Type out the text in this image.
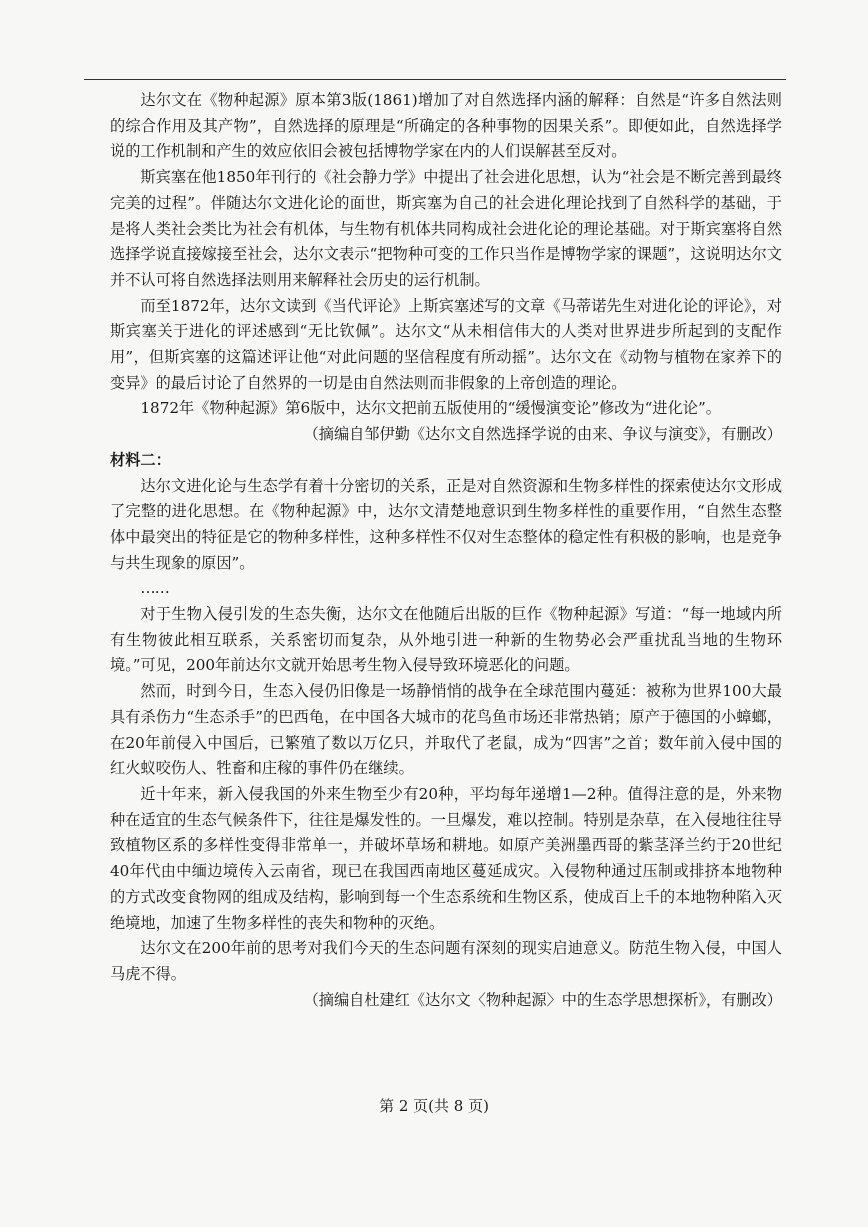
达尔文在《物种起源》原本第3版(1861)增加了对自然选择内涵的解释：自然是“许多自然法则的综合作用及其产物”，自然选择的原理是“所确定的各种事物的因果关系”。即便如此，自然选择学说的工作机制和产生的效应依旧会被包括博物学家在内的人们误解甚至反对。

斯宾塞在他1850年刊行的《社会静力学》中提出了社会进化思想，认为“社会是不断完善到最终完美的过程”。伴随达尔文进化论的面世，斯宾塞为自己的社会进化理论找到了自然科学的基础，于是将人类社会类比为社会有机体，与生物有机体共同构成社会进化论的理论基础。对于斯宾塞将自然选择学说直接嫁接至社会，达尔文表示“把物种可变的工作只当作是博物学家的课题”，这说明达尔文并不认可将自然选择法则用来解释社会历史的运行机制。

而至1872年，达尔文读到《当代评论》上斯宾塞述写的文章《马蒂诺先生对进化论的评论》，对斯宾塞关于进化的评述感到“无比钦佩”。达尔文“从未相信伟大的人类对世界进步所起到的支配作用”，但斯宾塞的这篇述评让他“对此问题的坚信程度有所动摇”。达尔文在《动物与植物在家养下的变异》的最后讨论了自然界的一切是由自然法则而非假象的上帝创造的理论。

1872年《物种起源》第6版中，达尔文把前五版使用的“缓慢演变论”修改为“进化论”。

（摘编自邹伊勤《达尔文自然选择学说的由来、争议与演变》，有删改）

材料二：

达尔文进化论与生态学有着十分密切的关系，正是对自然资源和生物多样性的探索使达尔文形成了完整的进化思想。在《物种起源》中，达尔文清楚地意识到生物多样性的重要作用，“自然生态整体中最突出的特征是它的物种多样性，这种多样性不仅对生态整体的稳定性有积极的影响，也是竞争与共生现象的原因”。

……

对于生物入侵引发的生态失衡，达尔文在他随后出版的巨作《物种起源》写道：“每一地域内所有生物彼此相互联系，关系密切而复杂，从外地引进一种新的生物势必会严重扰乱当地的生物环境。”可见，200年前达尔文就开始思考生物入侵导致环境恶化的问题。

然而，时到今日，生态入侵仍旧像是一场静悄悄的战争在全球范围内蔓延：被称为世界100大最具有杀伤力“生态杀手”的巴西龟，在中国各大城市的花鸟鱼市场还非常热销；原产于德国的小蟑螂，在20年前侵入中国后，已繁殖了数以万亿只，并取代了老鼠，成为“四害”之首；数年前入侵中国的红火蚁咬伤人、牲畜和庄稼的事件仍在继续。

近十年来，新入侵我国的外来生物至少有20种，平均每年递增1—2种。值得注意的是，外来物种在适宜的生态气候条件下，往往是爆发性的。一旦爆发，难以控制。特别是杂草，在入侵地往往导致植物区系的多样性变得非常单一，并破坏草场和耕地。如原产美洲墨西哥的紫茎泽兰约于20世纪40年代由中缅边境传入云南省，现已在我国西南地区蔓延成灾。入侵物种通过压制或排挤本地物种的方式改变食物网的组成及结构，影响到每一个生态系统和生物区系，使成百上千的本地物种陷入灭绝境地，加速了生物多样性的丧失和物种的灭绝。

达尔文在200年前的思考对我们今天的生态问题有深刻的现实启迪意义。防范生物入侵，中国人马虎不得。

（摘编自杜建红《达尔文〈物种起源〉中的生态学思想探析》，有删改）

第 2 页(共 8 页)
